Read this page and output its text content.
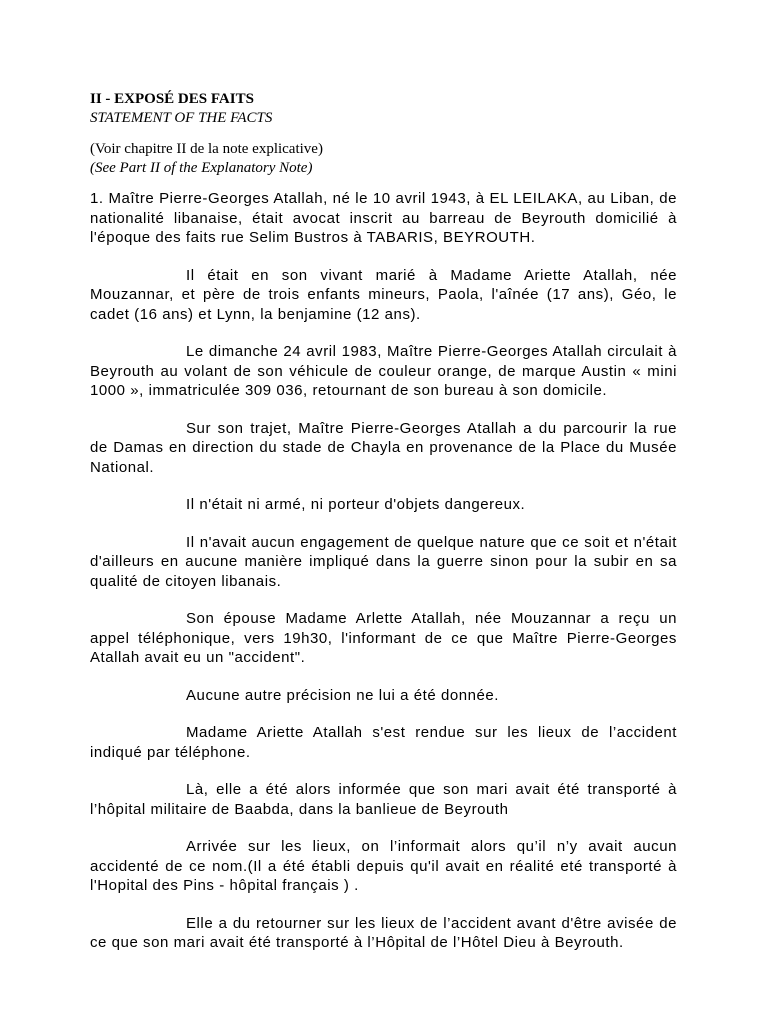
II - EXPOSÉ DES FAITS
STATEMENT OF THE FACTS
(Voir chapitre II de la note explicative)
(See Part II of the Explanatory Note)

1. Maître Pierre-Georges Atallah, né le 10 avril 1943, à EL LEILAKA, au Liban, de nationalité libanaise, était avocat inscrit au barreau de Beyrouth domicilié à l'époque des faits rue Selim Bustros à TABARIS, BEYROUTH.

Il était en son vivant marié à Madame Ariette Atallah, née Mouzannar, et père de trois enfants mineurs, Paola, l'aînée (17 ans), Géo, le cadet (16 ans) et Lynn, la benjamine (12 ans).

Le dimanche 24 avril 1983, Maître Pierre-Georges Atallah circulait à Beyrouth au volant de son véhicule de couleur orange, de marque Austin « mini 1000 », immatriculée 309 036, retournant de son bureau à son domicile.

Sur son trajet, Maître Pierre-Georges Atallah a du parcourir la rue de Damas en direction du stade de Chayla en provenance de la Place du Musée National.

Il n'était ni armé, ni porteur d'objets dangereux.

Il n'avait aucun engagement de quelque nature que ce soit et n'était d'ailleurs en aucune manière impliqué dans la guerre sinon pour la subir en sa qualité de citoyen libanais.

Son épouse Madame Arlette Atallah, née Mouzannar a reçu un appel téléphonique, vers 19h30, l'informant de ce que Maître Pierre-Georges Atallah avait eu un "accident".

Aucune autre précision ne lui a été donnée.

Madame Ariette Atallah s'est rendue sur les lieux de l’accident indiqué par téléphone.

Là, elle a été alors informée que son mari avait été transporté à l’hôpital militaire de Baabda, dans la banlieue de Beyrouth

Arrivée sur les lieux, on l’informait alors qu’il n’y avait aucun accidenté de ce nom.(Il a été établi depuis qu'il avait en réalité eté transporté à l'Hopital des Pins - hôpital français ) .

Elle a du retourner sur les lieux de l’accident avant d'être avisée de ce que son mari avait été transporté à l’Hôpital de l’Hôtel Dieu à Beyrouth.
